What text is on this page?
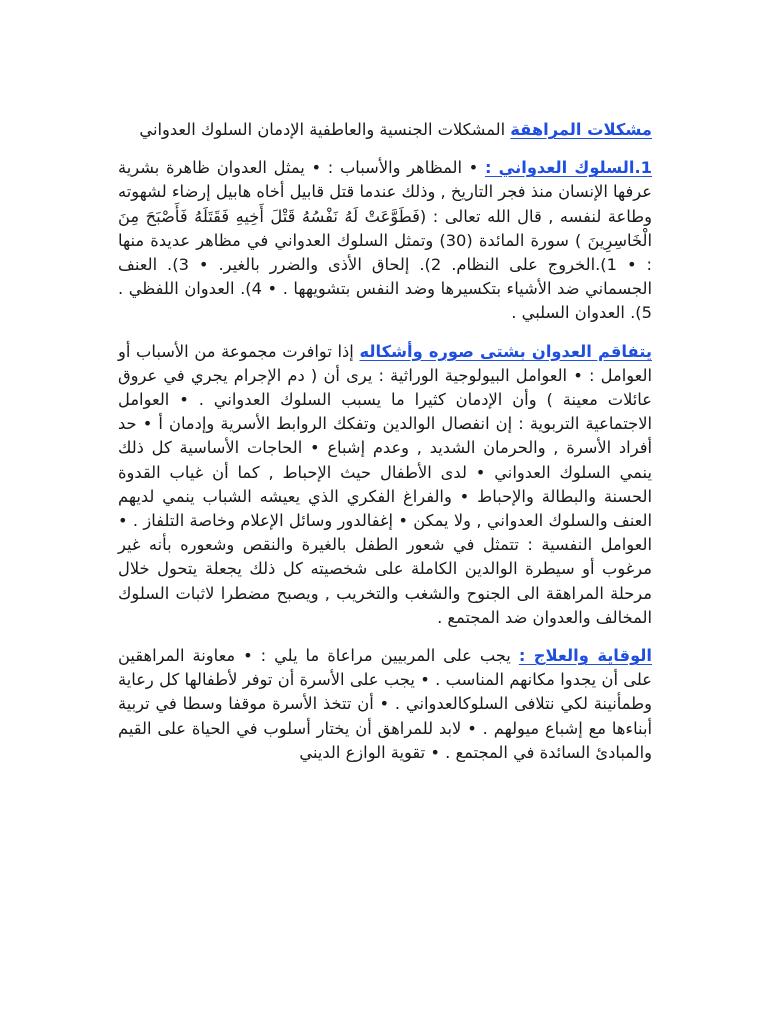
مشكلات المراهقة المشكلات الجنسية والعاطفية الإدمان السلوك العدواني

1.السلوك العدواني : • المظاهر والأسباب : • يمثل العدوان ظاهرة بشرية عرفها الإنسان منذ فجر التاريخ , وذلك عندما قتل قابيل أخاه هابيل إرضاء لشهوته وطاعة لنفسه , قال الله تعالى : (فَطَوَّعَتْ لَهُ نَفْسُهُ قَتْلَ أَخِيهِ فَقَتَلَهُ فَأَصْبَحَ مِنَ الْخَاسِرِينَ ) سورة المائدة (30) وتمثل السلوك العدواني في مظاهر عديدة منها : • 1).الخروج على النظام. 2). إلحاق الأذى والضرر بالغير. • 3). العنف الجسماني ضد الأشياء بتكسيرها وضد النفس بتشويهها . • 4). العدوان اللفظي . 5). العدوان السلبي .

يتفاقم العدوان بشتى صوره وأشكاله إذا توافرت مجموعة من الأسباب أو العوامل : • العوامل البيولوجية الوراثية : يرى أن ( دم الإجرام يجري في عروق عائلات معينة ) وأن الإدمان كثيرا ما يسبب السلوك العدواني . • العوامل الاجتماعية التربوية : إن انفصال الوالدين وتفكك الروابط الأسرية وإدمان أ • حد أفراد الأسرة , والحرمان الشديد , وعدم إشباع • الحاجات الأساسية كل ذلك ينمي السلوك العدواني • لدى الأطفال حيث الإحباط , كما أن غياب القدوة الحسنة والبطالة والإحباط • والفراغ الفكري الذي يعيشه الشباب ينمي لديهم العنف والسلوك العدواني , ولا يمكن • إغفالدور وسائل الإعلام وخاصة التلفاز . • العوامل النفسية : تتمثل في شعور الطفل بالغيرة والنقص وشعوره بأنه غير مرغوب أو سيطرة الوالدين الكاملة على شخصيته كل ذلك يجعلة يتحول خلال مرحلة المراهقة الى الجنوح والشغب والتخريب , ويصبح مضطرا لاثبات السلوك المخالف والعدوان ضد المجتمع .

الوقاية والعلاج : يجب على المربيين مراعاة ما يلي : • معاونة المراهقين على أن يجدوا مكانهم المناسب . • يجب على الأسرة أن توفر لأطفالها كل رعاية وطمأنينة لكي نتلافى السلوكالعدواني . • أن تتخذ الأسرة موقفا وسطا في تربية أبناءها مع إشباع ميولهم . • لابد للمراهق أن يختار أسلوب في الحياة على القيم والمبادئ السائدة في المجتمع . • تقوية الوازع الديني
